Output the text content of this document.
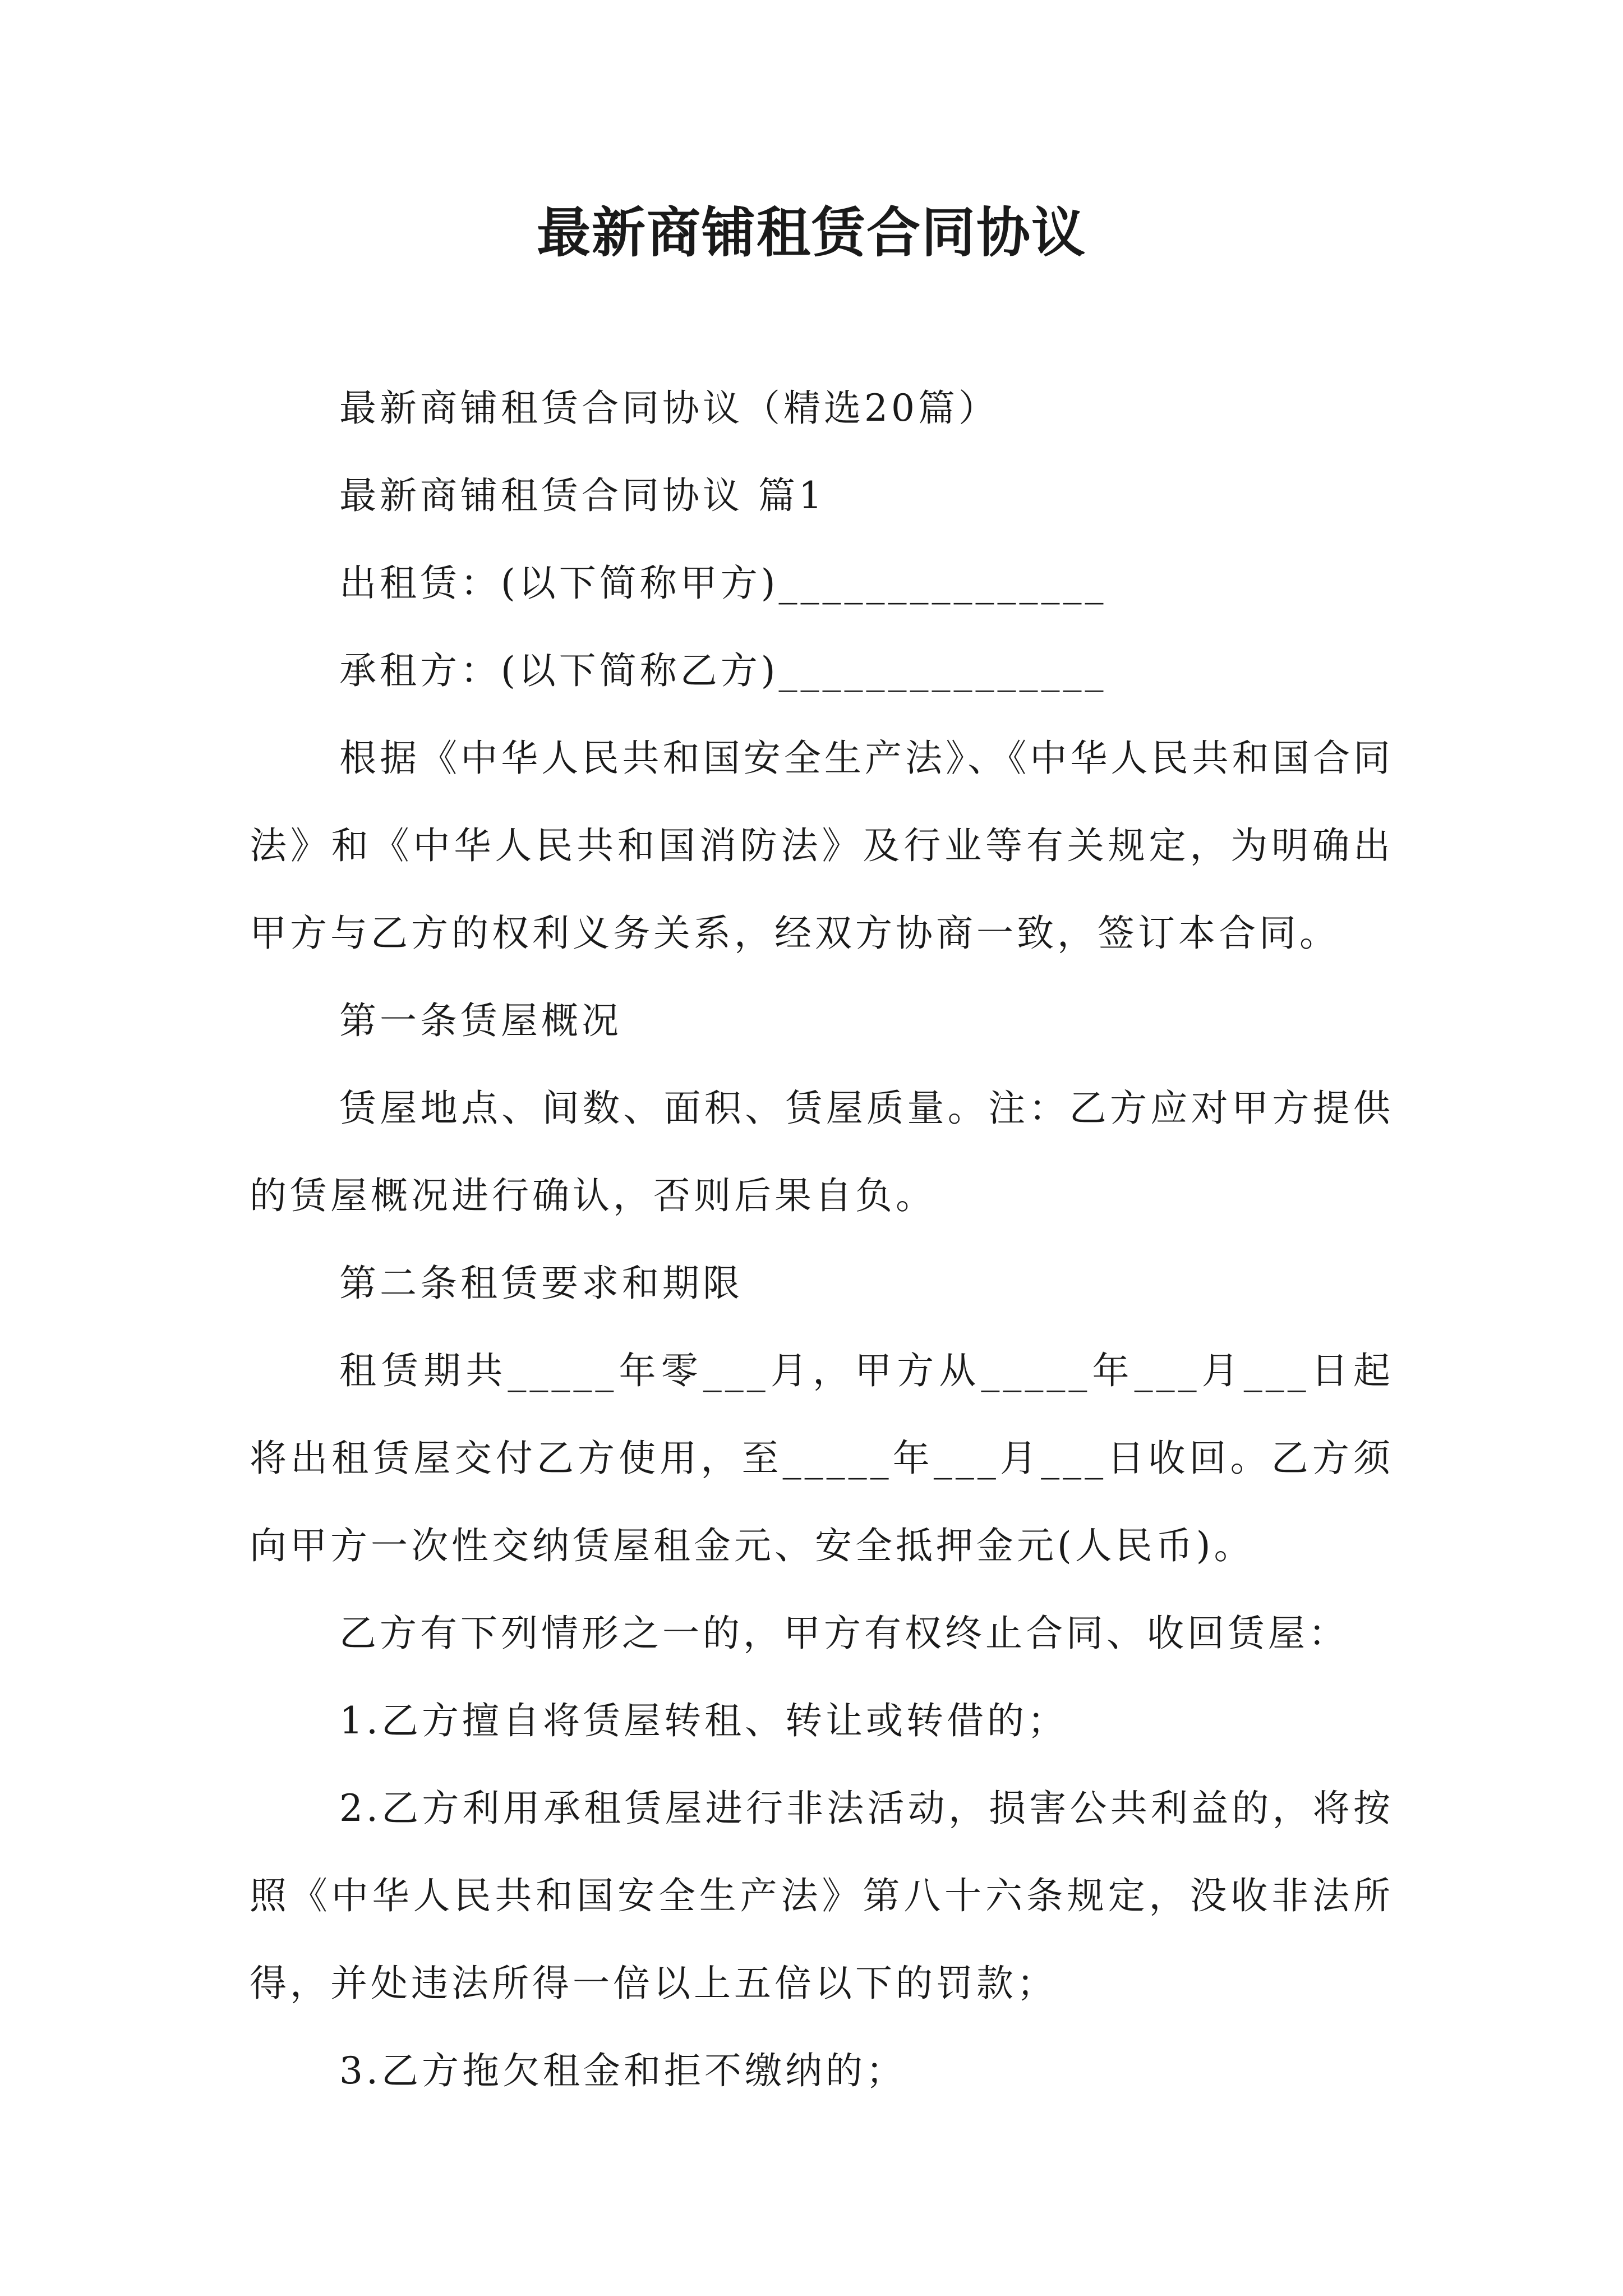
最新商铺租赁合同协议

最新商铺租赁合同协议（精选20篇）

最新商铺租赁合同协议 篇1

出租赁：(以下简称甲方)_______________

承租方：(以下简称乙方)_______________

根据《中华人民共和国安全生产法》、《中华人民共和国合同法》和《中华人民共和国消防法》及行业等有关规定，为明确出甲方与乙方的权利义务关系，经双方协商一致，签订本合同。

第一条赁屋概况

赁屋地点、间数、面积、赁屋质量。注：乙方应对甲方提供的赁屋概况进行确认，否则后果自负。

第二条租赁要求和期限

租赁期共_____年零___月，甲方从_____年___月___日起将出租赁屋交付乙方使用，至_____年___月___日收回。乙方须向甲方一次性交纳赁屋租金元、安全抵押金元(人民币)。

乙方有下列情形之一的，甲方有权终止合同、收回赁屋：

1.乙方擅自将赁屋转租、转让或转借的；

2.乙方利用承租赁屋进行非法活动，损害公共利益的，将按照《中华人民共和国安全生产法》第八十六条规定，没收非法所得，并处违法所得一倍以上五倍以下的罚款；

3.乙方拖欠租金和拒不缴纳的；
